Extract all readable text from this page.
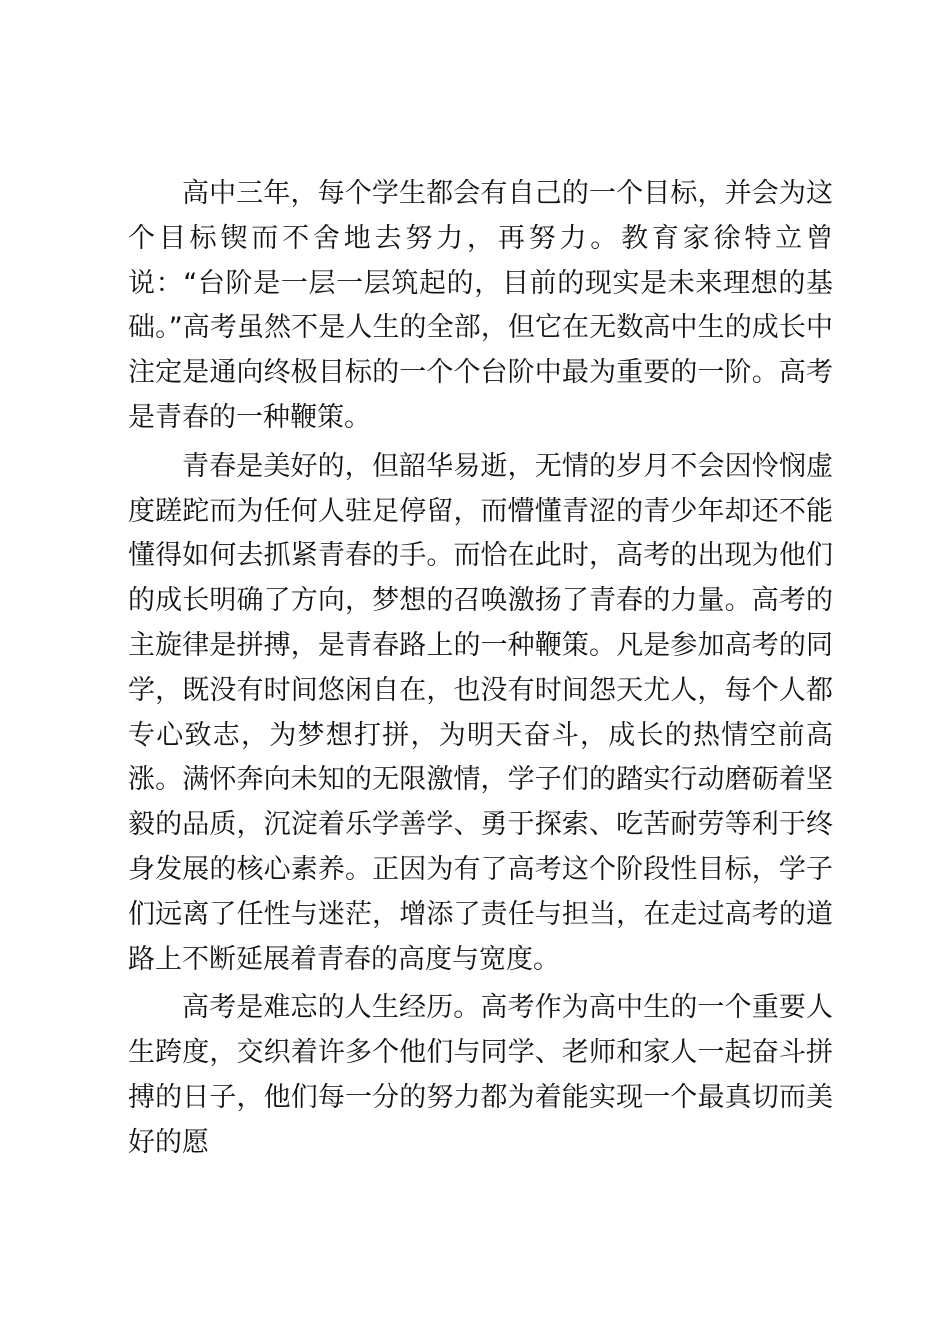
高中三年，每个学生都会有自己的一个目标，并会为这个目标锲而不舍地去努力，再努力。教育家徐特立曾说：“台阶是一层一层筑起的，目前的现实是未来理想的基础。”高考虽然不是人生的全部，但它在无数高中生的成长中注定是通向终极目标的一个个台阶中最为重要的一阶。高考是青春的一种鞭策。

青春是美好的，但韶华易逝，无情的岁月不会因怜悯虚度蹉跎而为任何人驻足停留，而懵懂青涩的青少年却还不能懂得如何去抓紧青春的手。而恰在此时，高考的出现为他们的成长明确了方向，梦想的召唤激扬了青春的力量。高考的主旋律是拼搏，是青春路上的一种鞭策。凡是参加高考的同学，既没有时间悠闲自在，也没有时间怨天尤人，每个人都专心致志，为梦想打拼，为明天奋斗，成长的热情空前高涨。满怀奔向未知的无限激情，学子们的踏实行动磨砺着坚毅的品质，沉淀着乐学善学、勇于探索、吃苦耐劳等利于终身发展的核心素养。正因为有了高考这个阶段性目标，学子们远离了任性与迷茫，增添了责任与担当，在走过高考的道路上不断延展着青春的高度与宽度。

高考是难忘的人生经历。高考作为高中生的一个重要人生跨度，交织着许多个他们与同学、老师和家人一起奋斗拼搏的日子，他们每一分的努力都为着能实现一个最真切而美好的愿
